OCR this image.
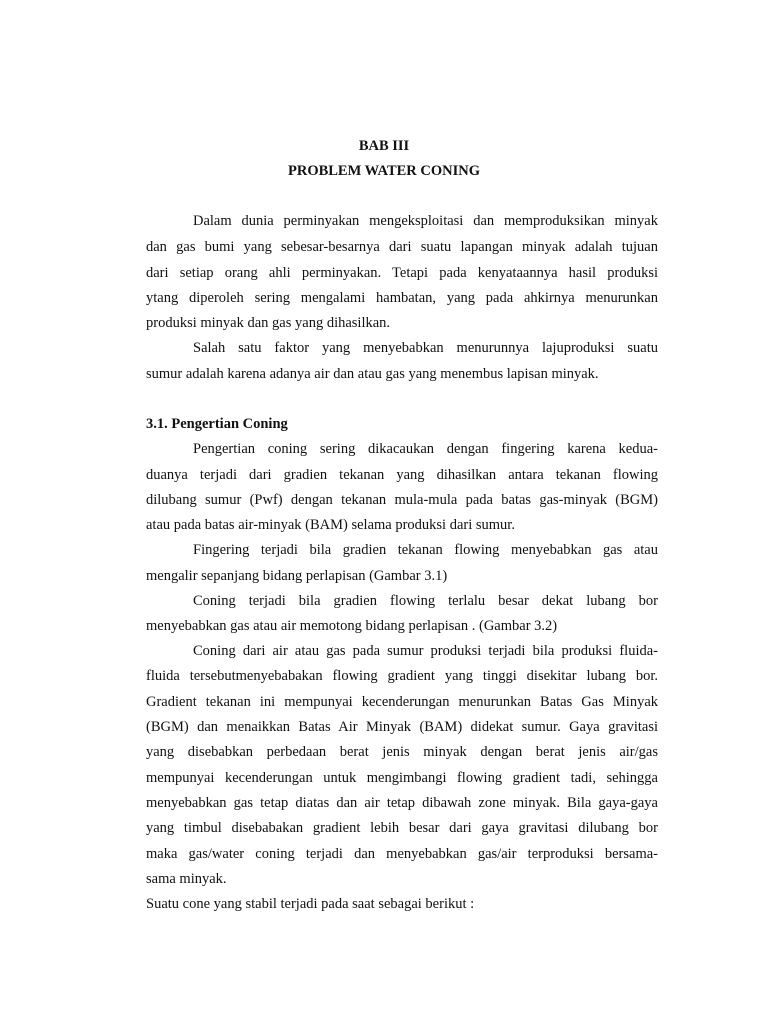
BAB III
PROBLEM WATER CONING
Dalam dunia perminyakan mengeksploitasi dan memproduksikan minyak
dan gas bumi yang sebesar-besarnya dari suatu lapangan minyak adalah tujuan
dari setiap orang ahli perminyakan. Tetapi pada kenyataannya hasil produksi
ytang diperoleh sering mengalami hambatan, yang pada ahkirnya menurunkan
produksi minyak dan gas yang dihasilkan.
Salah satu faktor yang menyebabkan menurunnya lajuproduksi suatu
sumur adalah karena adanya air dan atau gas yang menembus lapisan minyak.
3.1. Pengertian Coning
Pengertian coning sering dikacaukan dengan fingering karena kedua-
duanya terjadi dari gradien tekanan yang dihasilkan antara tekanan flowing
dilubang sumur (Pwf) dengan tekanan mula-mula pada batas gas-minyak (BGM)
atau pada batas air-minyak (BAM) selama produksi dari sumur.
Fingering terjadi bila gradien tekanan flowing menyebabkan gas atau
mengalir sepanjang bidang perlapisan (Gambar 3.1)
Coning terjadi bila gradien flowing terlalu besar dekat lubang bor
menyebabkan gas atau air memotong bidang perlapisan . (Gambar 3.2)
Coning dari air atau gas pada sumur produksi terjadi bila produksi fluida-
fluida tersebutmenyebabakan flowing gradient yang tinggi disekitar lubang bor.
Gradient tekanan ini mempunyai kecenderungan menurunkan Batas Gas Minyak
(BGM) dan menaikkan Batas Air Minyak (BAM) didekat sumur. Gaya gravitasi
yang disebabkan perbedaan berat jenis minyak dengan berat jenis air/gas
mempunyai kecenderungan untuk mengimbangi flowing gradient tadi, sehingga
menyebabkan gas tetap diatas dan air tetap dibawah zone minyak. Bila gaya-gaya
yang timbul disebabakan gradient lebih besar dari gaya gravitasi dilubang bor
maka gas/water coning terjadi dan menyebabkan gas/air terproduksi bersama-
sama minyak.
Suatu cone yang stabil terjadi pada saat sebagai berikut :
